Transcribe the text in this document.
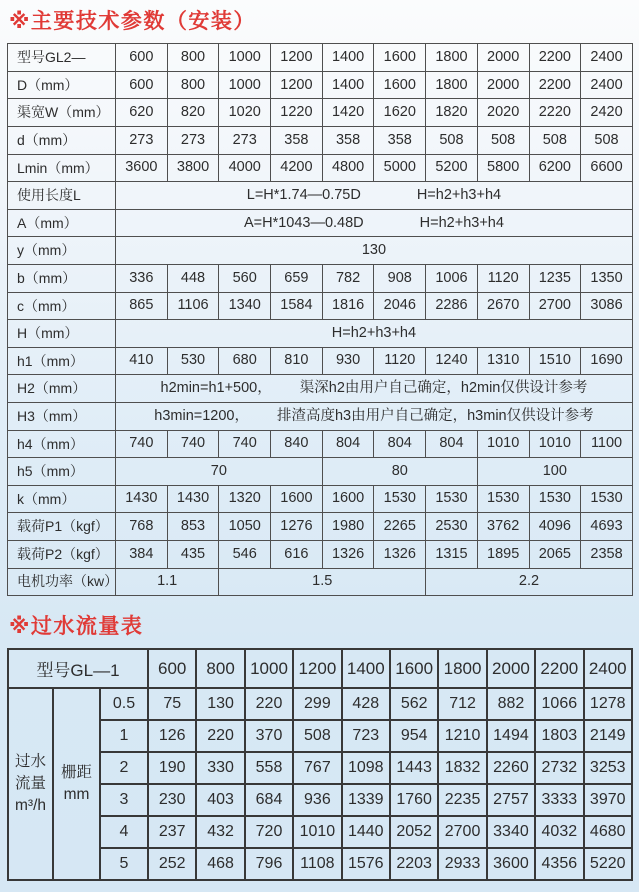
※主要技术参数（安装）
型号GL2—	600	800	1000	1200	1400	1600	1800	2000	2200	2400
D（mm）	600	800	1000	1200	1400	1600	1800	2000	2200	2400
渠宽W（mm）	620	820	1020	1220	1420	1620	1820	2020	2220	2420
d（mm）	273	273	273	358	358	358	508	508	508	508
Lmin（mm）	3600	3800	4000	4200	4800	5000	5200	5800	6200	6600
使用长度L	L=H*1.74—0.75D H=h2+h3+h4									

A（mm）	A=H*1043—0.48D H=h2+h3+h4									

y（mm）	130									
b（mm）	336	448	560	659	782	908	1006	1120	1235	1350
c（mm）	865	1106	1340	1584	1816	2046	2286	2670	2700	3086
H（mm）	H=h2+h3+h4									
h1（mm）	410	530	680	810	930	1120	1240	1310	1510	1690
H2（mm）	h2min=h1+500， 渠深h2由用户自己确定，h2min仅供设计参考									

H3（mm）	h3min=1200， 排渣高度h3由用户自己确定，h3min仅供设计参考									

h4（mm）	740	740	740	840	804	804	804	1010	1010	1100
h5（mm）	70				80			100		
k（mm）	1430	1430	1320	1600	1600	1530	1530	1530	1530	1530
载荷P1（kgf）	768	853	1050	1276	1980	2265	2530	3762	4096	4693
载荷P2（kgf）	384	435	546	616	1326	1326	1315	1895	2065	2358
电机功率（kw）	1.1		1.5				2.2			
※过水流量表
型号GL—1			600	800	1000	1200	1400	1600	1800	2000	2200	2400

过水
流量
m³/h

栅距
mm
	0.5	75	130	220	299	428	562	712	882	1066	1278
		1	126	220	370	508	723	954	1210	1494	1803	2149
		2	190	330	558	767	1098	1443	1832	2260	2732	3253
		3	230	403	684	936	1339	1760	2235	2757	3333	3970
		4	237	432	720	1010	1440	2052	2700	3340	4032	4680
		5	252	468	796	1108	1576	2203	2933	3600	4356	5220
